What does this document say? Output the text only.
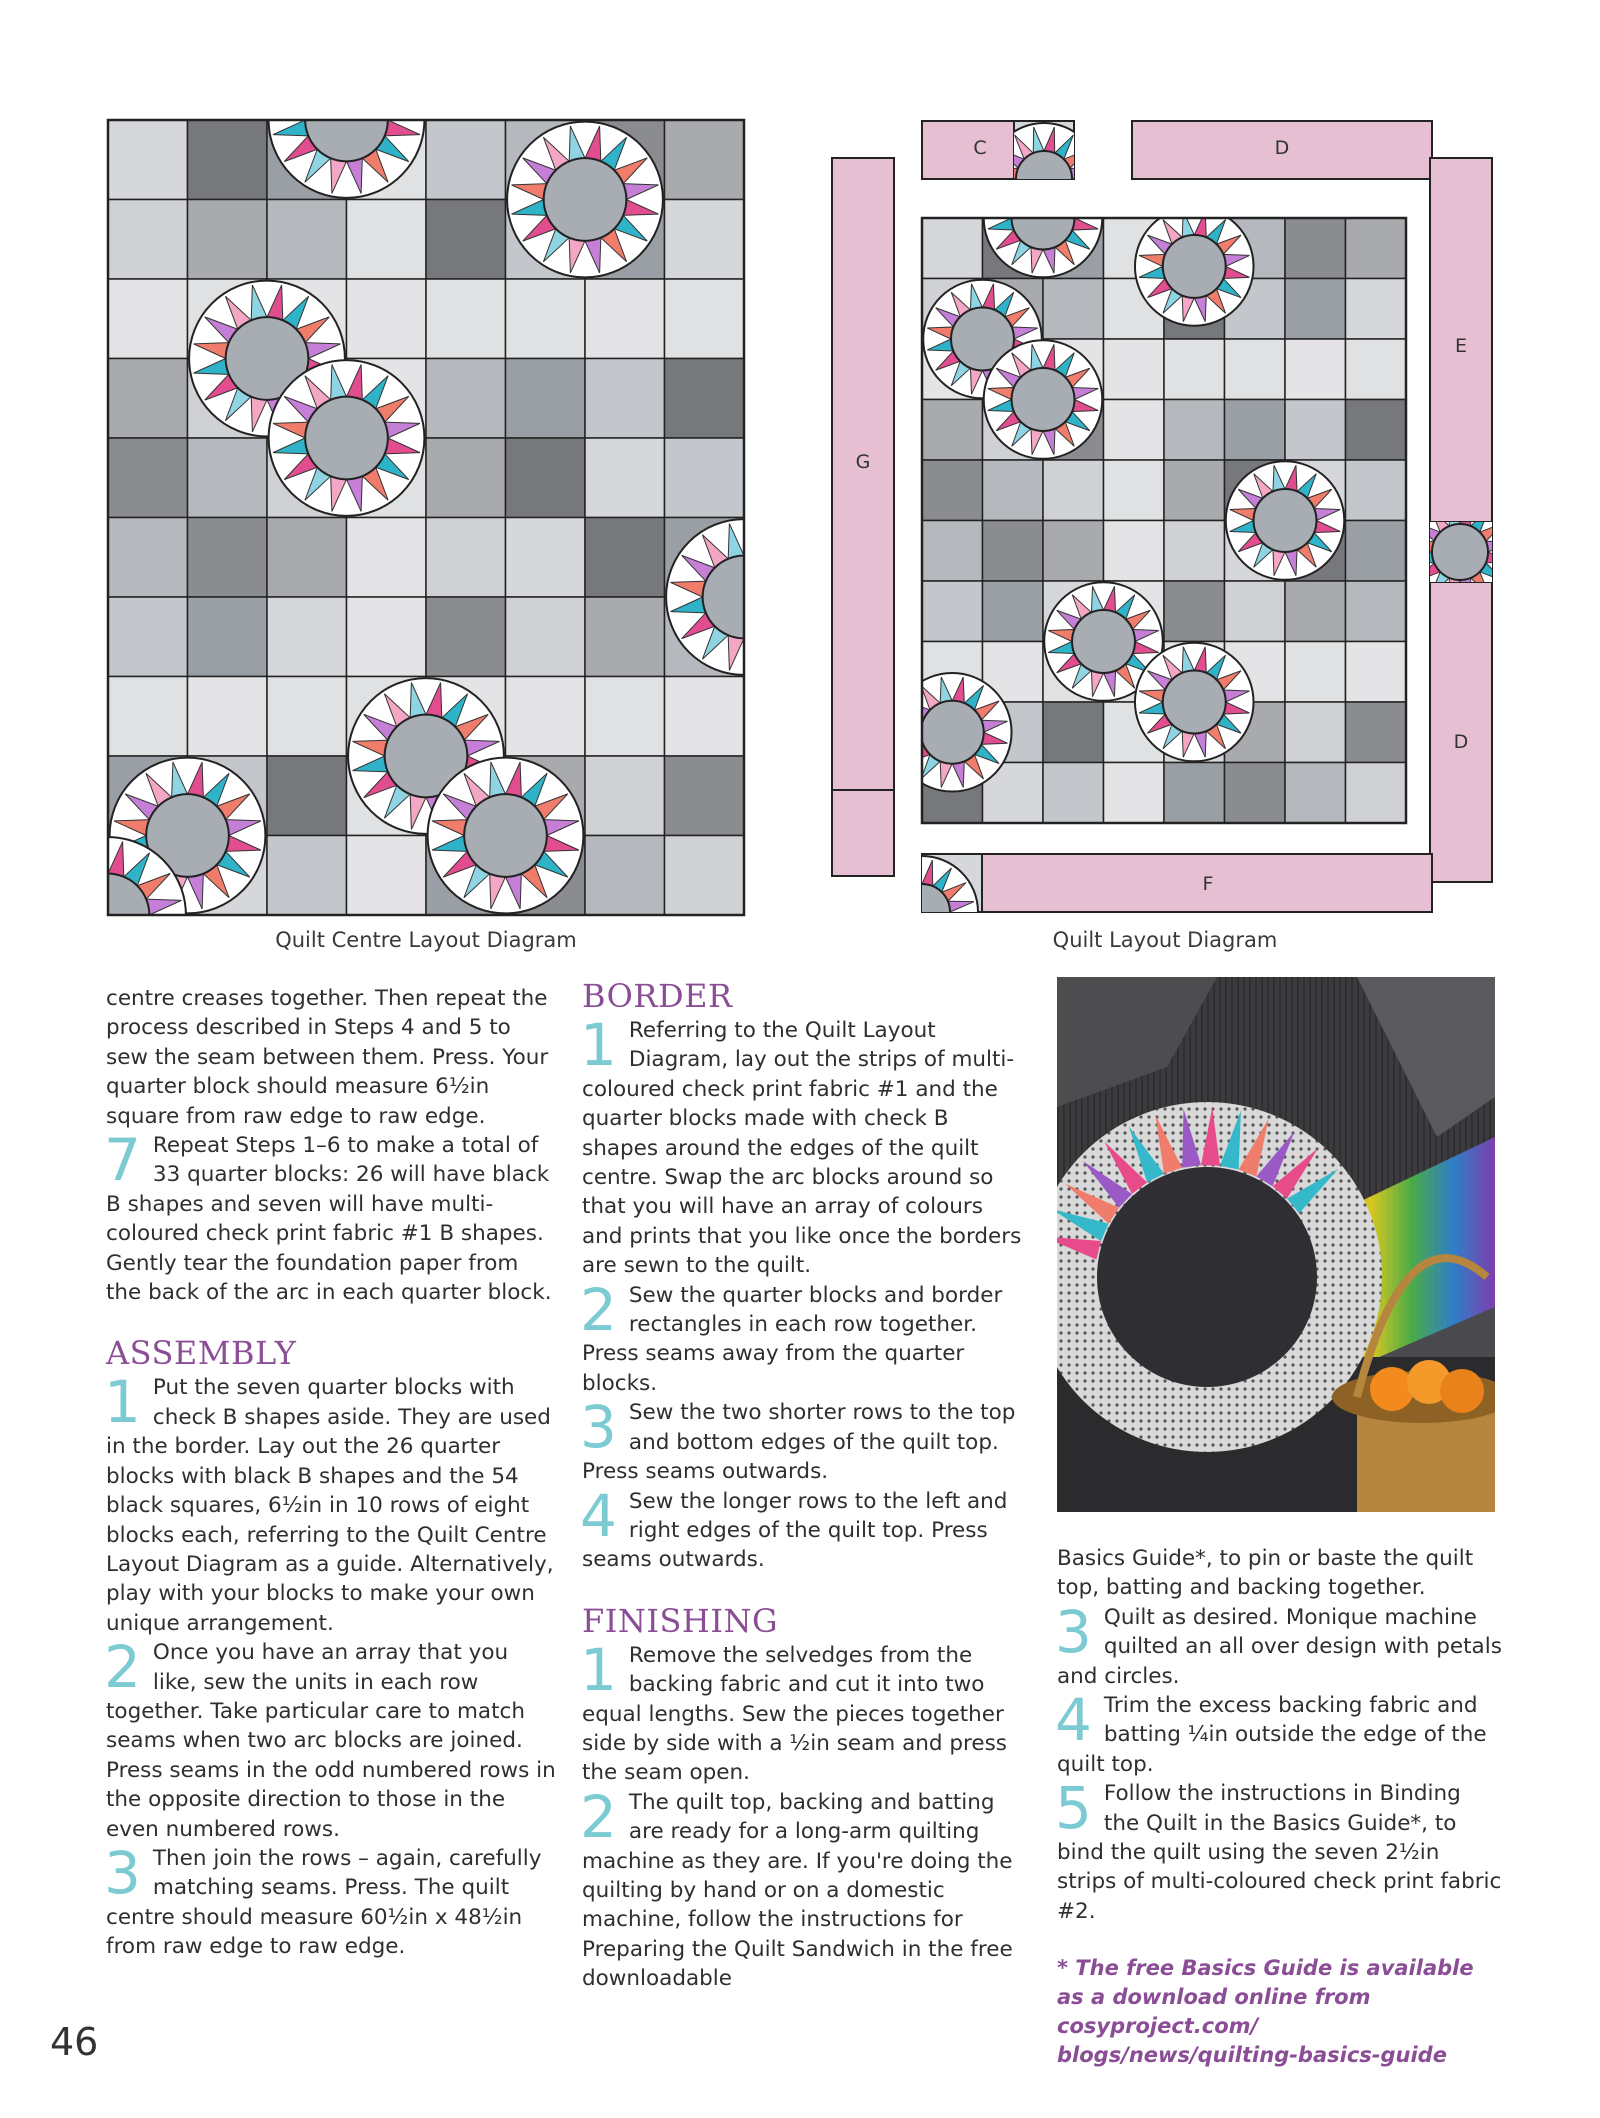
Quilt Centre Layout Diagram
C	D
E
D
G
F
Quilt Layout Diagram

centre creases together. Then repeat the process described in Steps 4 and 5 to sew the seam between them. Press. Your quarter block should measure 6½in square from raw edge to raw edge.

7 Repeat Steps 1–6 to make a total of 33 quarter blocks: 26 will have black B shapes and seven will have multi-coloured check print fabric #1 B shapes. Gently tear the foundation paper from the back of the arc in each quarter block.

ASSEMBLY
1 Put the seven quarter blocks with check B shapes aside. They are used in the border. Lay out the 26 quarter blocks with black B shapes and the 54 black squares, 6½in in 10 rows of eight blocks each, referring to the Quilt Centre Layout Diagram as a guide. Alternatively, play with your blocks to make your own unique arrangement.

2 Once you have an array that you like, sew the units in each row together. Take particular care to match seams when two arc blocks are joined. Press seams in the odd numbered rows in the opposite direction to those in the even numbered rows.

3 Then join the rows – again, carefully matching seams. Press. The quilt centre should measure 60½in x 48½in from raw edge to raw edge.

BORDER
1 Referring to the Quilt Layout Diagram, lay out the strips of multi-coloured check print fabric #1 and the quarter blocks made with check B shapes around the edges of the quilt centre. Swap the arc blocks around so that you will have an array of colours and prints that you like once the borders are sewn to the quilt.

2 Sew the quarter blocks and border rectangles in each row together. Press seams away from the quarter blocks.

3 Sew the two shorter rows to the top and bottom edges of the quilt top. Press seams outwards.

4 Sew the longer rows to the left and right edges of the quilt top. Press seams outwards.

FINISHING
1 Remove the selvedges from the backing fabric and cut it into two equal lengths. Sew the pieces together side by side with a ½in seam and press the seam open.

2 The quilt top, backing and batting are ready for a long-arm quilting machine as they are. If you're doing the quilting by hand or on a domestic machine, follow the instructions for Preparing the Quilt Sandwich in the free downloadable

Basics Guide*, to pin or baste the quilt top, batting and backing together.

3 Quilt as desired. Monique machine quilted an all over design with petals and circles.

4 Trim the excess backing fabric and batting ¼in outside the edge of the quilt top.

5 Follow the instructions in Binding the Quilt in the Basics Guide*, to bind the quilt using the seven 2½in strips of multi-coloured check print fabric #2.

* The free Basics Guide is available as a download online from cosyproject.com/ blogs/news/quilting-basics-guide

46
